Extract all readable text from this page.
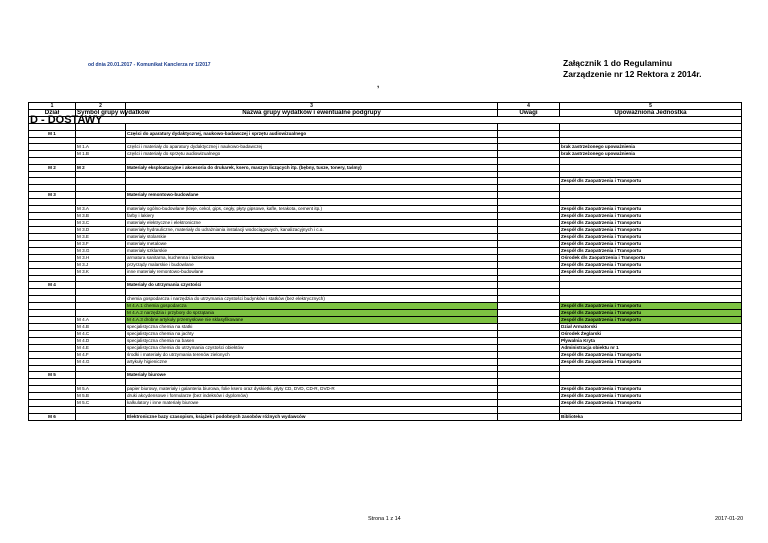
od dnia 20.01.2017 - Komunikat Kanclerza nr 1/2017	Załącznik 1 do Regulaminu
Zarządzenie nr 12 Rektora z 2014r.
,
1	2	3	4	5
Dział	Symbol grupy wydatków	Nazwa grupy wydatków i ewentualne podgrupy	Uwagi	Upoważniona Jednostka
D - DOSTAWY				

M 1		Części do aparatury dydaktycznej, naukowo-badawczej i sprzętu audiowizualnego		

	M 1.A	części i materiały do aparatury dydaktycznej i naukowo-badawczej		brak zastrzeżonego upoważnienia
	M 1.B	części i materiały do sprzętu audiowizualnego		brak zastrzeżonego upoważnienia

M 2	M 2	Materiały eksploatacyjne i akcesoria do drukarek, ksero, maszyn liczących itp. (bębny, tusze, tonery, taśmy)		

				Zespół d/s Zaopatrzenia i Transportu

M 3		Materiały remontowo-budowlane		

	M 3.A	materiały ogólno-budowlane (kleje, cekol, gips, cegły, płyty gipsowe, kafle, terakota, cement itp.)		Zespół d/s Zaopatrzenia i Transportu
	M 3.B	farby i lakiery		Zespół d/s Zaopatrzenia i Transportu
	M 3.C	materiały elektryczne i elektroniczne		Zespół d/s Zaopatrzenia i Transportu
	M 3.D	materiały hydrauliczne, materiały do udrażniania instalacji wodociągowych, kanalizacyjnych i c.o.		Zespół d/s Zaopatrzenia i Transportu
	M 3.E	materiały stolarskie		Zespół d/s Zaopatrzenia i Transportu
	M 3.F	materiały metalowe		Zespół d/s Zaopatrzenia i Transportu
	M 3.G	materiały szklarskie		Zespół d/s Zaopatrzenia i Transportu
	M 3.H	armatura sanitarna, kuchenna i łazienkowa		Ośrodek d/s Zaopatrzenia i Transportu
	M 3.J	przyrządy malarskie i budowlane		Zespół d/s Zaopatrzenia i Transportu
	M 3.K	inne materiały remontowo-budowlane		Zespół d/s Zaopatrzenia i Transportu

M 4		Materiały do utrzymania czystości		

		chemia gospodarcza i narzędzia do utrzymania czystości budynków i statków (bez elektrycznych)		
		M 4.A.1 chemia gospodarcza		Zespół d/s Zaopatrzenia i Transportu
		M 4.A.2 narzędzia i przybory do sprzątania		Zespół d/s Zaopatrzenia i Transportu
	M 4.A	M 4.A.3 drobne artykuły przemysłowe nie sklasyfikowane		Zespół d/s Zaopatrzenia i Transportu
	M 4.B	specjalistyczna chemia na statki		Dział Armatorski
	M 4.C	specjalistyczna chemia na jachty		Ośrodek Żeglarski
	M 4.D	specjalistyczna chemia na basen		Pływalnia Kryta
	M 4.E	specjalistyczna chemia do utrzymania czystości obiektów		Administracja obiektu nr 1
	M 4.F	środki i materiały do utrzymania terenów zielonych		Zespół d/s Zaopatrzenia i Transportu
	M 4.G	artykuły higieniczne		Zespół d/s Zaopatrzenia i Transportu

M 5		Materiały biurowe		

	M 5.A	papier biurowy, materiały i galanteria biurowa, folie ksero oraz dyskietki, płyty CD, DVD, CD-R, DVD-R		Zespół d/s Zaopatrzenia i Transportu
	M 5.B	druki akcydensowe i formularze (bez indeksów i dyplomów)		Zespół d/s Zaopatrzenia i Transportu
	M 5.C	kalkulatory i inne materiały biurowe		Zespół d/s Zaopatrzenia i Transportu

M 6		Elektroniczne bazy czasopism, książek i podobnych zasobów różnych wydawców		Biblioteka
Strona 1 z 14	2017-01-20
